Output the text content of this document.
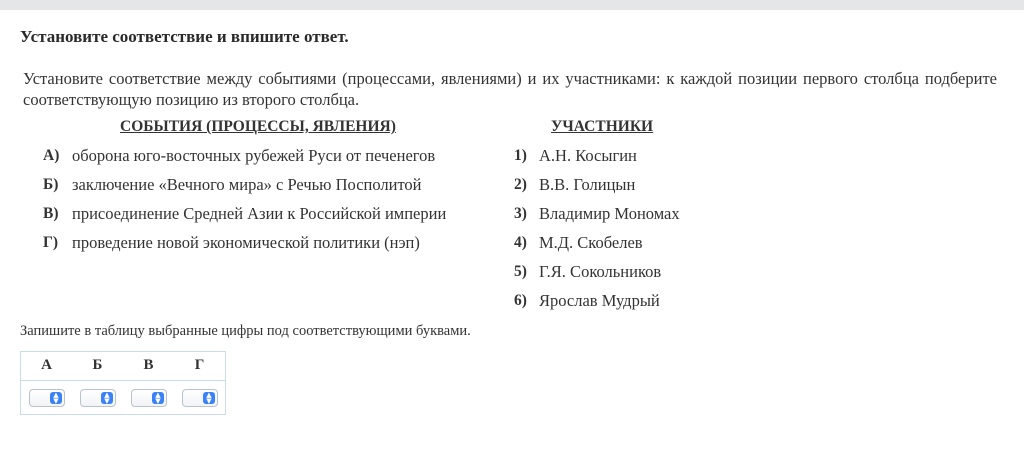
Установите соответствие и впишите ответ.
Установите соответствие между событиями (процессами, явлениями) и их участниками: к каждой позиции первого столбца подберите соответствующую позицию из второго столбца.
СОБЫТИЯ (ПРОЦЕССЫ, ЯВЛЕНИЯ)	УЧАСТНИКИ
А) оборона юго-восточных рубежей Руси от печенегов
Б) заключение «Вечного мира» с Речью Посполитой
В) присоединение Средней Азии к Российской империи
Г) проведение новой экономической политики (нэп)
1) А.Н. Косыгин
2) В.В. Голицын
3) Владимир Мономах
4) М.Д. Скобелев
5) Г.Я. Сокольников
6) Ярослав Мудрый
Запишите в таблицу выбранные цифры под соответствующими буквами.
А	Б	В	Г
▲
▼
▲
▼
▲
▼
▲
▼
